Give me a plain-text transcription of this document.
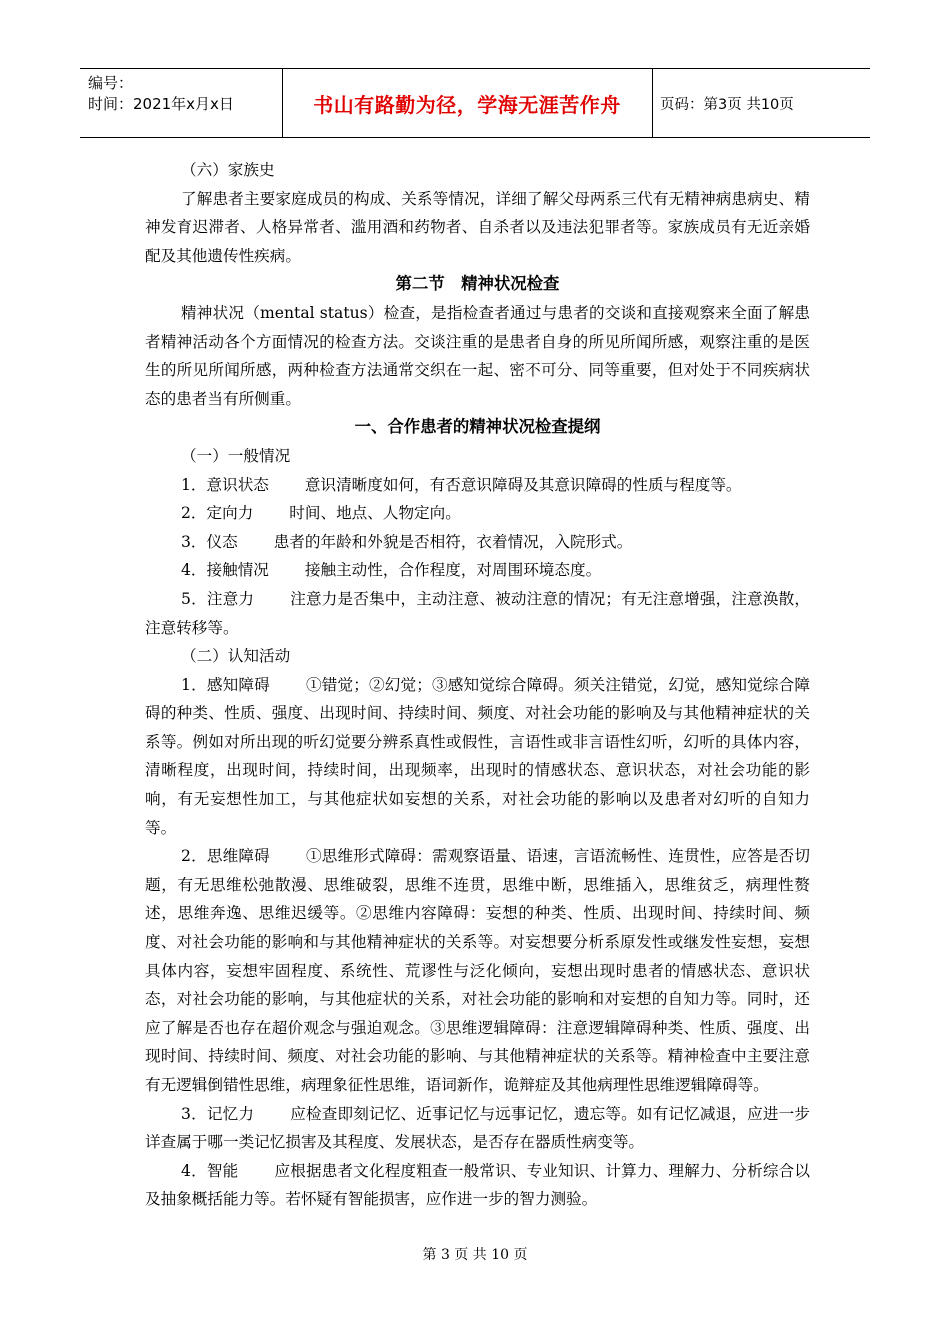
编号：
时间：2021年x月x日	书山有路勤为径，学海无涯苦作舟	页码：第3页 共10页

（六）家族史

了解患者主要家庭成员的构成、关系等情况，详细了解父母两系三代有无精神病患病史、精神发育迟滞者、人格异常者、滥用酒和药物者、自杀者以及违法犯罪者等。家族成员有无近亲婚配及其他遗传性疾病。

第二节　精神状况检查

精神状况（mental status）检查，是指检查者通过与患者的交谈和直接观察来全面了解患者精神活动各个方面情况的检查方法。交谈注重的是患者自身的所见所闻所感，观察注重的是医生的所见所闻所感，两种检查方法通常交织在一起、密不可分、同等重要，但对处于不同疾病状态的患者当有所侧重。

一、合作患者的精神状况检查提纲

（一）一般情况

1．意识状态 意识清晰度如何，有否意识障碍及其意识障碍的性质与程度等。

2．定向力 时间、地点、人物定向。

3．仪态 患者的年龄和外貌是否相符，衣着情况，入院形式。

4．接触情况 接触主动性，合作程度，对周围环境态度。

5．注意力 注意力是否集中，主动注意、被动注意的情况；有无注意增强，注意涣散，注意转移等。

（二）认知活动

1．感知障碍 ①错觉；②幻觉；③感知觉综合障碍。须关注错觉，幻觉，感知觉综合障碍的种类、性质、强度、出现时间、持续时间、频度、对社会功能的影响及与其他精神症状的关系等。例如对所出现的听幻觉要分辨系真性或假性，言语性或非言语性幻听，幻听的具体内容，清晰程度，出现时间，持续时间，出现频率，出现时的情感状态、意识状态，对社会功能的影响，有无妄想性加工，与其他症状如妄想的关系，对社会功能的影响以及患者对幻听的自知力等。

2．思维障碍 ①思维形式障碍：需观察语量、语速，言语流畅性、连贯性，应答是否切题，有无思维松弛散漫、思维破裂，思维不连贯，思维中断，思维插入，思维贫乏，病理性赘述，思维奔逸、思维迟缓等。②思维内容障碍：妄想的种类、性质、出现时间、持续时间、频度、对社会功能的影响和与其他精神症状的关系等。对妄想要分析系原发性或继发性妄想，妄想具体内容，妄想牢固程度、系统性、荒谬性与泛化倾向，妄想出现时患者的情感状态、意识状态，对社会功能的影响，与其他症状的关系，对社会功能的影响和对妄想的自知力等。同时，还应了解是否也存在超价观念与强迫观念。③思维逻辑障碍：注意逻辑障碍种类、性质、强度、出现时间、持续时间、频度、对社会功能的影响、与其他精神症状的关系等。精神检查中主要注意有无逻辑倒错性思维，病理象征性思维，语词新作，诡辩症及其他病理性思维逻辑障碍等。

3．记忆力 应检查即刻记忆、近事记忆与远事记忆，遗忘等。如有记忆减退，应进一步详查属于哪一类记忆损害及其程度、发展状态，是否存在器质性病变等。

4．智能 应根据患者文化程度粗查一般常识、专业知识、计算力、理解力、分析综合以及抽象概括能力等。若怀疑有智能损害，应作进一步的智力测验。

第 3 页 共 10 页
